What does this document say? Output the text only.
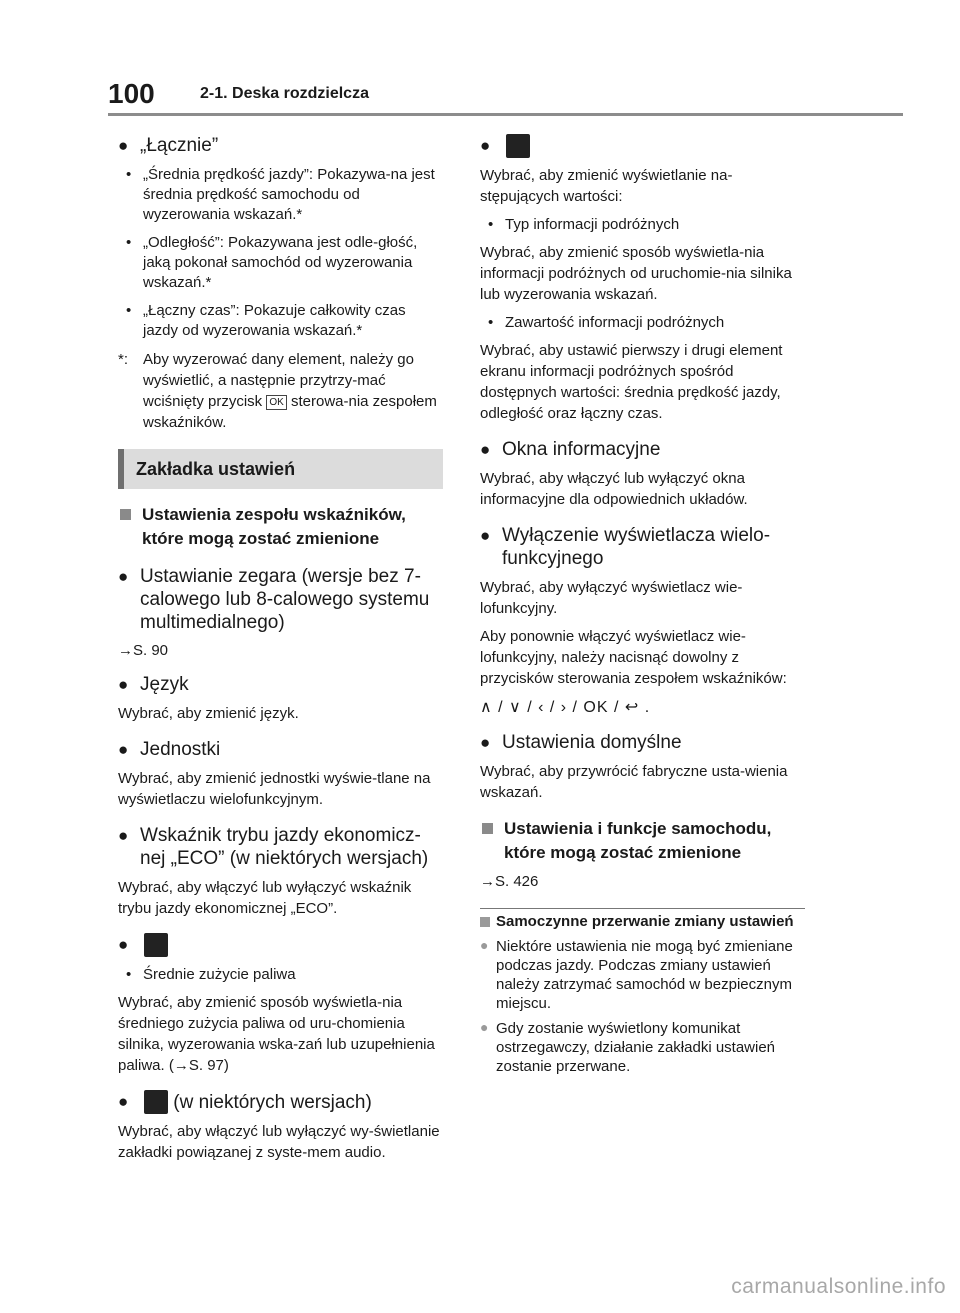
100	2-1. Deska rozdzielcza
● „Łącznie”
• „Średnia prędkość jazdy”: Pokazywa-na jest średnia prędkość samochodu od wyzerowania wskazań.*
• „Odległość”: Pokazywana jest odle-głość, jaką pokonał samochód od wyzerowania wskazań.*
• „Łączny czas”: Pokazuje całkowity czas jazdy od wyzerowania wskazań.*
*: Aby wyzerować dany element, należy go wyświetlić, a następnie przytrzy-mać wciśnięty przycisk OK sterowa-nia zespołem wskaźników.
Zakładka ustawień
Ustawienia zespołu wskaźników, które mogą zostać zmienione
● Ustawianie zegara (wersje bez 7-calowego lub 8-calowego systemu multimedialnego)
→S. 90
● Język
Wybrać, aby zmienić język.
● Jednostki
Wybrać, aby zmienić jednostki wyświe-tlane na wyświetlaczu wielofunkcyjnym.
● Wskaźnik trybu jazdy ekonomicz-nej „ECO” (w niektórych wersjach)
Wybrać, aby włączyć lub wyłączyć wskaźnik trybu jazdy ekonomicznej „ECO”.
●
• Średnie zużycie paliwa
Wybrać, aby zmienić sposób wyświetla-nia średniego zużycia paliwa od uru-chomienia silnika, wyzerowania wska-zań lub uzupełnienia paliwa. (→S. 97)
● (w niektórych wersjach)
Wybrać, aby włączyć lub wyłączyć wy-świetlanie zakładki powiązanej z syste-mem audio.
●
Wybrać, aby zmienić wyświetlanie na-stępujących wartości:
• Typ informacji podróżnych
Wybrać, aby zmienić sposób wyświetla-nia informacji podróżnych od uruchomie-nia silnika lub wyzerowania wskazań.
• Zawartość informacji podróżnych
Wybrać, aby ustawić pierwszy i drugi element ekranu informacji podróżnych spośród dostępnych wartości: średnia prędkość jazdy, odległość oraz łączny czas.
● Okna informacyjne
Wybrać, aby włączyć lub wyłączyć okna informacyjne dla odpowiednich układów.
● Wyłączenie wyświetlacza wielo-funkcyjnego
Wybrać, aby wyłączyć wyświetlacz wie-lofunkcyjny.
Aby ponownie włączyć wyświetlacz wie-lofunkcyjny, należy nacisnąć dowolny z przycisków sterowania zespołem wskaźników:
∧ / ∨ / ‹ / › / OK / ↩ .
● Ustawienia domyślne
Wybrać, aby przywrócić fabryczne usta-wienia wskazań.
Ustawienia i funkcje samochodu, które mogą zostać zmienione
→S. 426
Samoczynne przerwanie zmiany ustawień
● Niektóre ustawienia nie mogą być zmieniane podczas jazdy. Podczas zmiany ustawień należy zatrzymać samochód w bezpiecznym miejscu.
● Gdy zostanie wyświetlony komunikat ostrzegawczy, działanie zakładki ustawień zostanie przerwane.
carmanualsonline.info
